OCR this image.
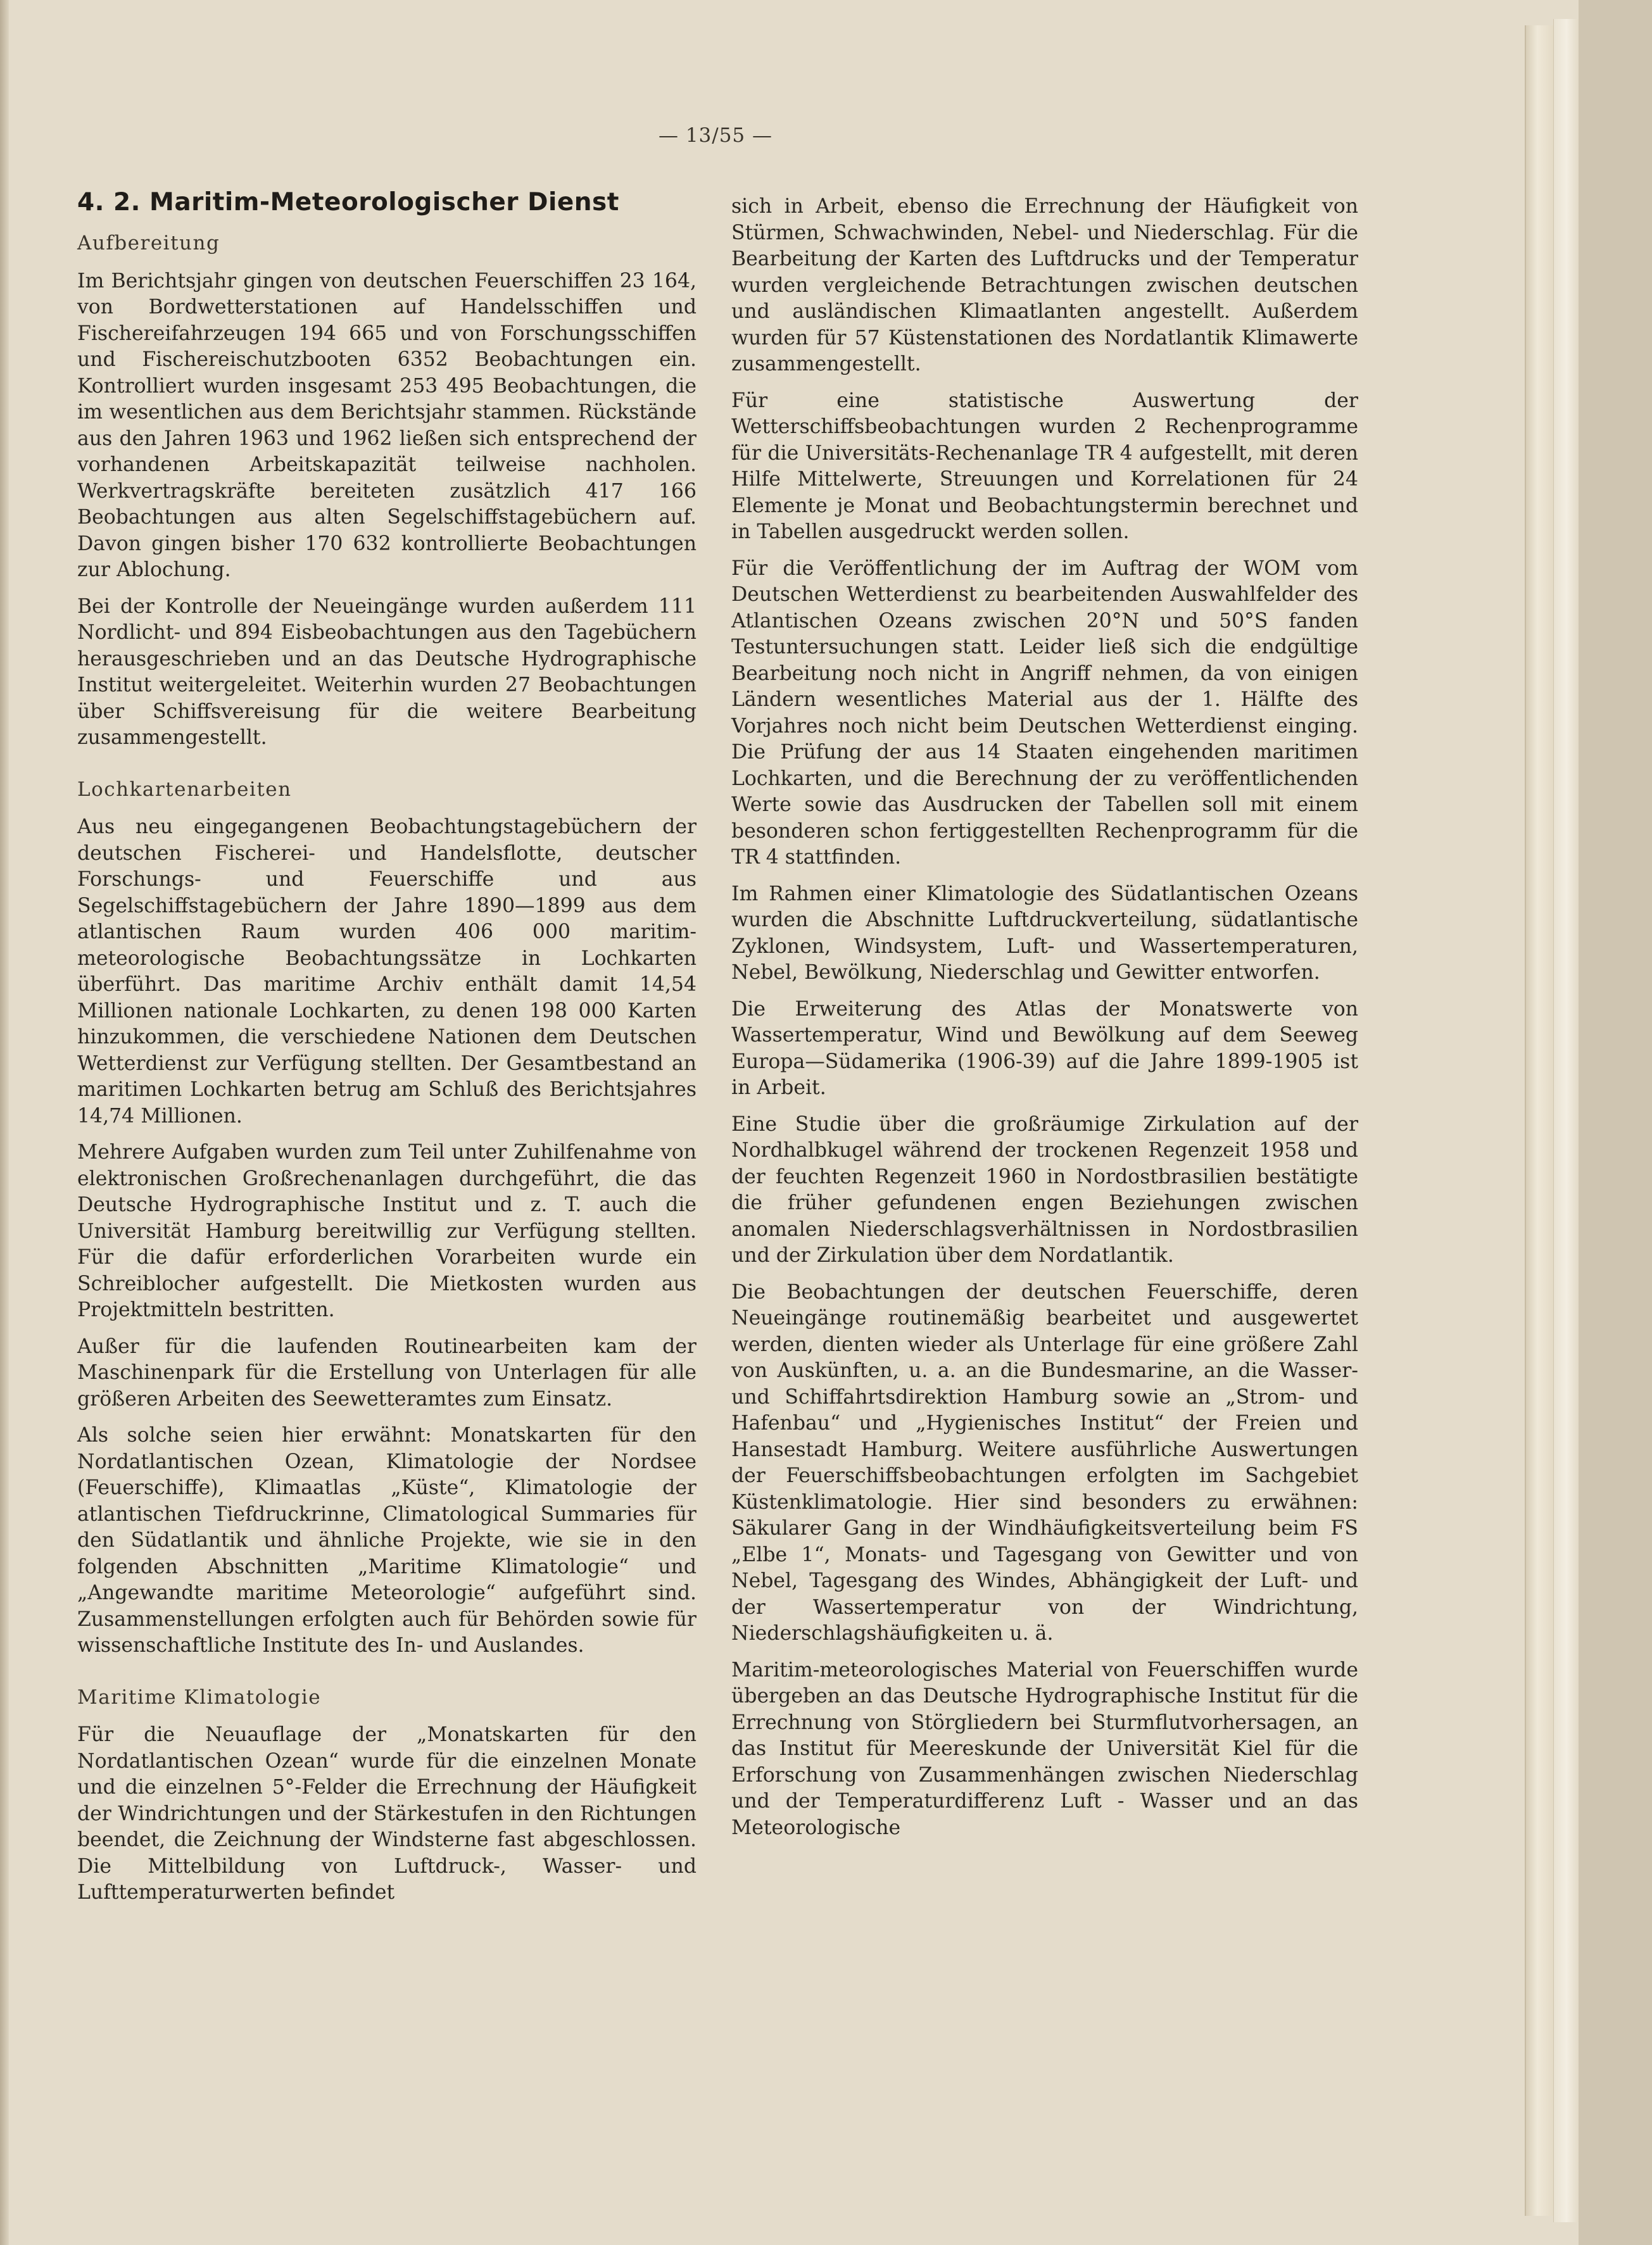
— 13/55 —
4. 2. Maritim-Meteorologischer Dienst
Aufbereitung

Im Berichtsjahr gingen von deutschen Feuerschiffen 23 164, von Bordwetterstationen auf Handelsschiffen und Fischereifahrzeugen 194 665 und von Forschungsschiffen und Fischereischutzbooten 6352 Beobachtungen ein. Kontrolliert wurden insgesamt 253 495 Beobachtungen, die im wesentlichen aus dem Berichtsjahr stammen. Rückstände aus den Jahren 1963 und 1962 ließen sich entsprechend der vorhandenen Arbeitskapazität teilweise nachholen. Werkvertragskräfte bereiteten zusätzlich 417 166 Beobachtungen aus alten Segelschiffstagebüchern auf. Davon gingen bisher 170 632 kontrollierte Beobachtungen zur Ablochung.

Bei der Kontrolle der Neueingänge wurden außerdem 111 Nordlicht- und 894 Eisbeobachtungen aus den Tagebüchern herausgeschrieben und an das Deutsche Hydrographische Institut weitergeleitet. Weiterhin wurden 27 Beobachtungen über Schiffsvereisung für die weitere Bearbeitung zusammengestellt.

Lochkartenarbeiten

Aus neu eingegangenen Beobachtungstagebüchern der deutschen Fischerei- und Handelsflotte, deutscher Forschungs- und Feuerschiffe und aus Segelschiffstagebüchern der Jahre 1890—1899 aus dem atlantischen Raum wurden 406 000 maritim-meteorologische Beobachtungssätze in Lochkarten überführt. Das maritime Archiv enthält damit 14,54 Millionen nationale Lochkarten, zu denen 198 000 Karten hinzukommen, die verschiedene Nationen dem Deutschen Wetterdienst zur Verfügung stellten. Der Gesamtbestand an maritimen Lochkarten betrug am Schluß des Berichtsjahres 14,74 Millionen.

Mehrere Aufgaben wurden zum Teil unter Zuhilfenahme von elektronischen Großrechenanlagen durchgeführt, die das Deutsche Hydrographische Institut und z. T. auch die Universität Hamburg bereitwillig zur Verfügung stellten. Für die dafür erforderlichen Vorarbeiten wurde ein Schreiblocher aufgestellt. Die Mietkosten wurden aus Projektmitteln bestritten.

Außer für die laufenden Routinearbeiten kam der Maschinenpark für die Erstellung von Unterlagen für alle größeren Arbeiten des Seewetteramtes zum Einsatz.

Als solche seien hier erwähnt: Monatskarten für den Nordatlantischen Ozean, Klimatologie der Nordsee (Feuerschiffe), Klimaatlas „Küste“, Klimatologie der atlantischen Tiefdruckrinne, Climatological Summaries für den Südatlantik und ähnliche Projekte, wie sie in den folgenden Abschnitten „Maritime Klimatologie“ und „Angewandte maritime Meteorologie“ aufgeführt sind. Zusammenstellungen erfolgten auch für Behörden sowie für wissenschaftliche Institute des In- und Auslandes.

Maritime Klimatologie

Für die Neuauflage der „Monatskarten für den Nordatlantischen Ozean“ wurde für die einzelnen Monate und die einzelnen 5°-Felder die Errechnung der Häufigkeit der Windrichtungen und der Stärkestufen in den Richtungen beendet, die Zeichnung der Windsterne fast abgeschlossen. Die Mittelbildung von Luftdruck-, Wasser- und Lufttemperaturwerten befindet

sich in Arbeit, ebenso die Errechnung der Häufigkeit von Stürmen, Schwachwinden, Nebel- und Niederschlag. Für die Bearbeitung der Karten des Luftdrucks und der Temperatur wurden vergleichende Betrachtungen zwischen deutschen und ausländischen Klimaatlanten angestellt. Außerdem wurden für 57 Küstenstationen des Nordatlantik Klimawerte zusammengestellt.

Für eine statistische Auswertung der Wetterschiffsbeobachtungen wurden 2 Rechenprogramme für die Universitäts-Rechenanlage TR 4 aufgestellt, mit deren Hilfe Mittelwerte, Streuungen und Korrelationen für 24 Elemente je Monat und Beobachtungstermin berechnet und in Tabellen ausgedruckt werden sollen.

Für die Veröffentlichung der im Auftrag der WOM vom Deutschen Wetterdienst zu bearbeitenden Auswahlfelder des Atlantischen Ozeans zwischen 20°N und 50°S fanden Testuntersuchungen statt. Leider ließ sich die endgültige Bearbeitung noch nicht in Angriff nehmen, da von einigen Ländern wesentliches Material aus der 1. Hälfte des Vorjahres noch nicht beim Deutschen Wetterdienst einging. Die Prüfung der aus 14 Staaten eingehenden maritimen Lochkarten, und die Berechnung der zu veröffentlichenden Werte sowie das Ausdrucken der Tabellen soll mit einem besonderen schon fertiggestellten Rechenprogramm für die TR 4 stattfinden.

Im Rahmen einer Klimatologie des Südatlantischen Ozeans wurden die Abschnitte Luftdruckverteilung, südatlantische Zyklonen, Windsystem, Luft- und Wassertemperaturen, Nebel, Bewölkung, Niederschlag und Gewitter entworfen.

Die Erweiterung des Atlas der Monatswerte von Wassertemperatur, Wind und Bewölkung auf dem Seeweg Europa—Südamerika (1906-39) auf die Jahre 1899-1905 ist in Arbeit.

Eine Studie über die großräumige Zirkulation auf der Nordhalbkugel während der trockenen Regenzeit 1958 und der feuchten Regenzeit 1960 in Nordostbrasilien bestätigte die früher gefundenen engen Beziehungen zwischen anomalen Niederschlagsverhältnissen in Nordostbrasilien und der Zirkulation über dem Nordatlantik.

Die Beobachtungen der deutschen Feuerschiffe, deren Neueingänge routinemäßig bearbeitet und ausgewertet werden, dienten wieder als Unterlage für eine größere Zahl von Auskünften, u. a. an die Bundesmarine, an die Wasser- und Schiffahrtsdirektion Hamburg sowie an „Strom- und Hafenbau“ und „Hygienisches Institut“ der Freien und Hansestadt Hamburg. Weitere ausführliche Auswertungen der Feuerschiffsbeobachtungen erfolgten im Sachgebiet Küstenklimatologie. Hier sind besonders zu erwähnen: Säkularer Gang in der Windhäufigkeitsverteilung beim FS „Elbe 1“, Monats- und Tagesgang von Gewitter und von Nebel, Tagesgang des Windes, Abhängigkeit der Luft- und der Wassertemperatur von der Windrichtung, Niederschlagshäufigkeiten u. ä.

Maritim-meteorologisches Material von Feuerschiffen wurde übergeben an das Deutsche Hydrographische Institut für die Errechnung von Störgliedern bei Sturmflutvorhersagen, an das Institut für Meereskunde der Universität Kiel für die Erforschung von Zusammenhängen zwischen Niederschlag und der Temperaturdifferenz Luft - Wasser und an das Meteorologische
